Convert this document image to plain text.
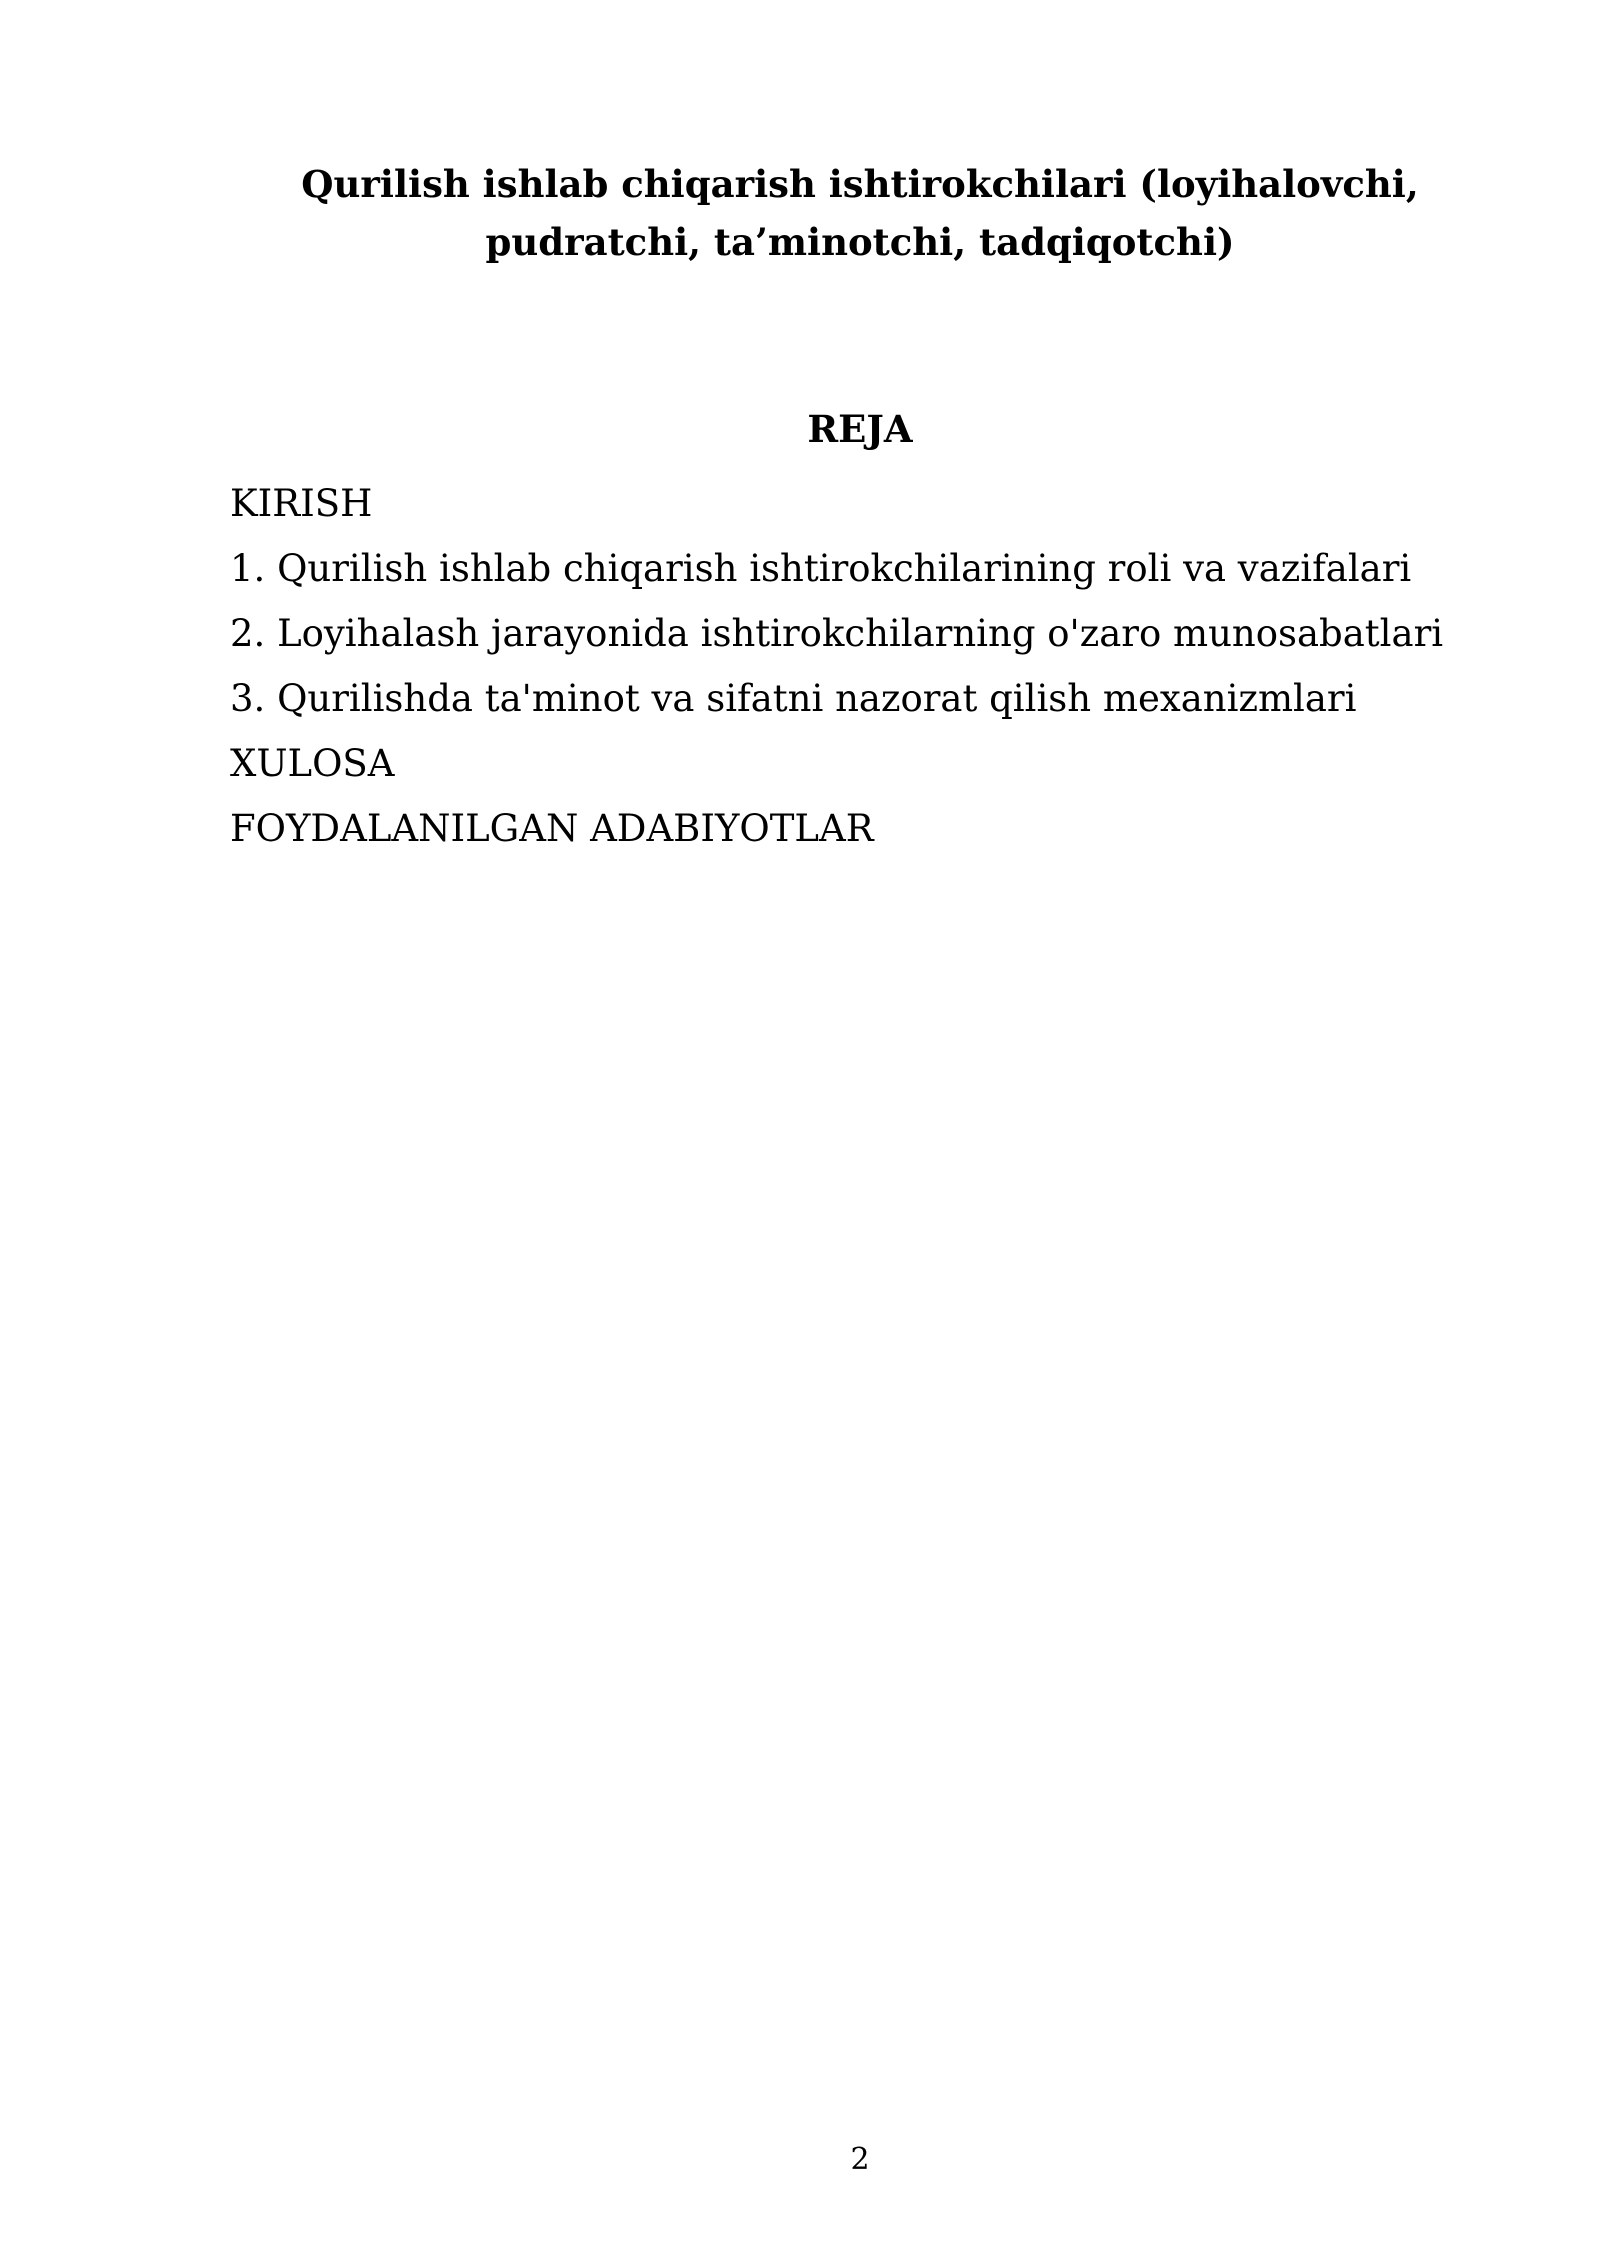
Qurilish ishlab chiqarish ishtirokchilari (loyihalovchi, pudratchi, ta’minotchi, tadqiqotchi)
REJA
KIRISH
1. Qurilish ishlab chiqarish ishtirokchilarining roli va vazifalari
2. Loyihalash jarayonida ishtirokchilarning o'zaro munosabatlari
3. Qurilishda ta'minot va sifatni nazorat qilish mexanizmlari
XULOSA
FOYDALANILGAN ADABIYOTLAR
2
